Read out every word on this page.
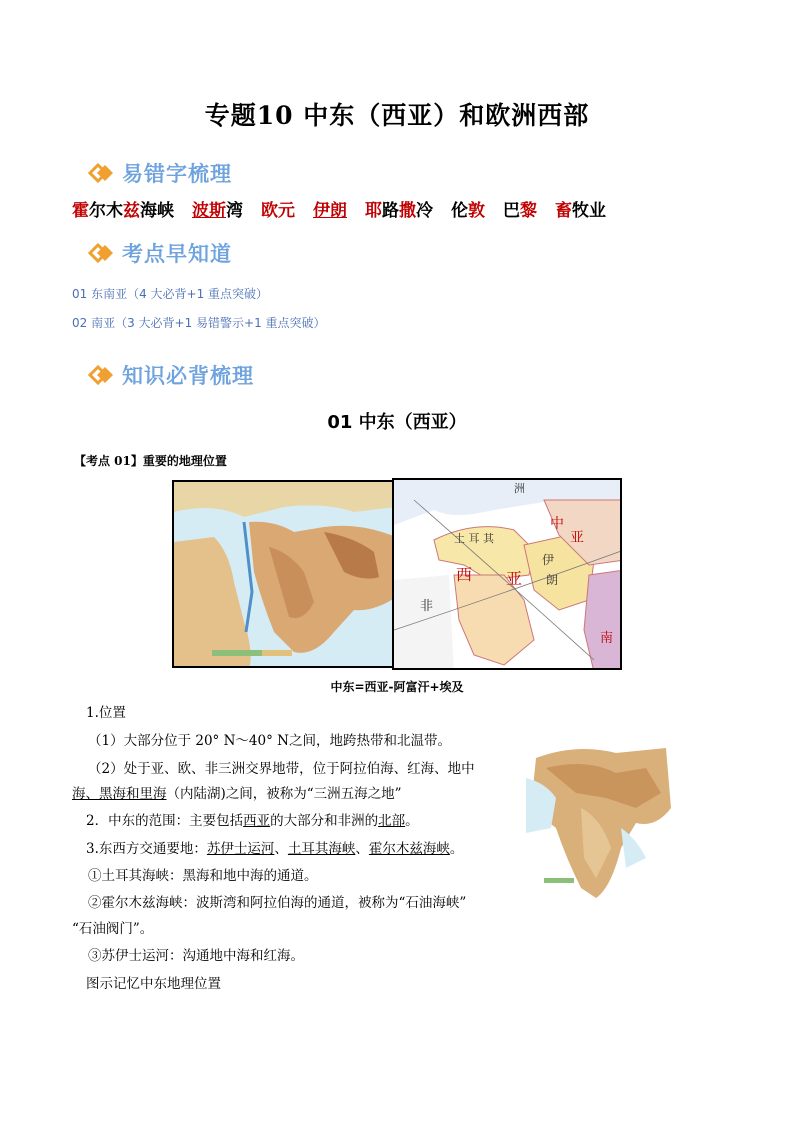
专题10 中东（西亚）和欧洲西部
易错字梳理
霍尔木兹海峡 波斯湾 欧元 伊朗 耶路撒冷 伦敦 巴黎 畜牧业
考点早知道
01 东南亚（4 大必背+1 重点突破）
02 南亚（3 大必背+1 易错警示+1 重点突破）
知识必背梳理
01 中东（西亚）
【考点 01】重要的地理位置
中
亚
西 亚
非
洲
土 耳 其
伊
朗
南
中东=西亚-阿富汗+埃及
1.位置
（1）大部分位于 20° N～40° N之间，地跨热带和北温带。
（2）处于亚、欧、非三洲交界地带，位于阿拉伯海、红海、地中
海、黑海和里海（内陆湖)之间，被称为“三洲五海之地”
2．中东的范围：主要包括西亚的大部分和非洲的北部。
3.东西方交通要地：苏伊士运河、土耳其海峡、霍尔木兹海峡。
①土耳其海峡：黑海和地中海的通道。
②霍尔木兹海峡：波斯湾和阿拉伯海的通道，被称为“石油海峡”
“石油阀门”。
③苏伊士运河：沟通地中海和红海。
图示记忆中东地理位置
